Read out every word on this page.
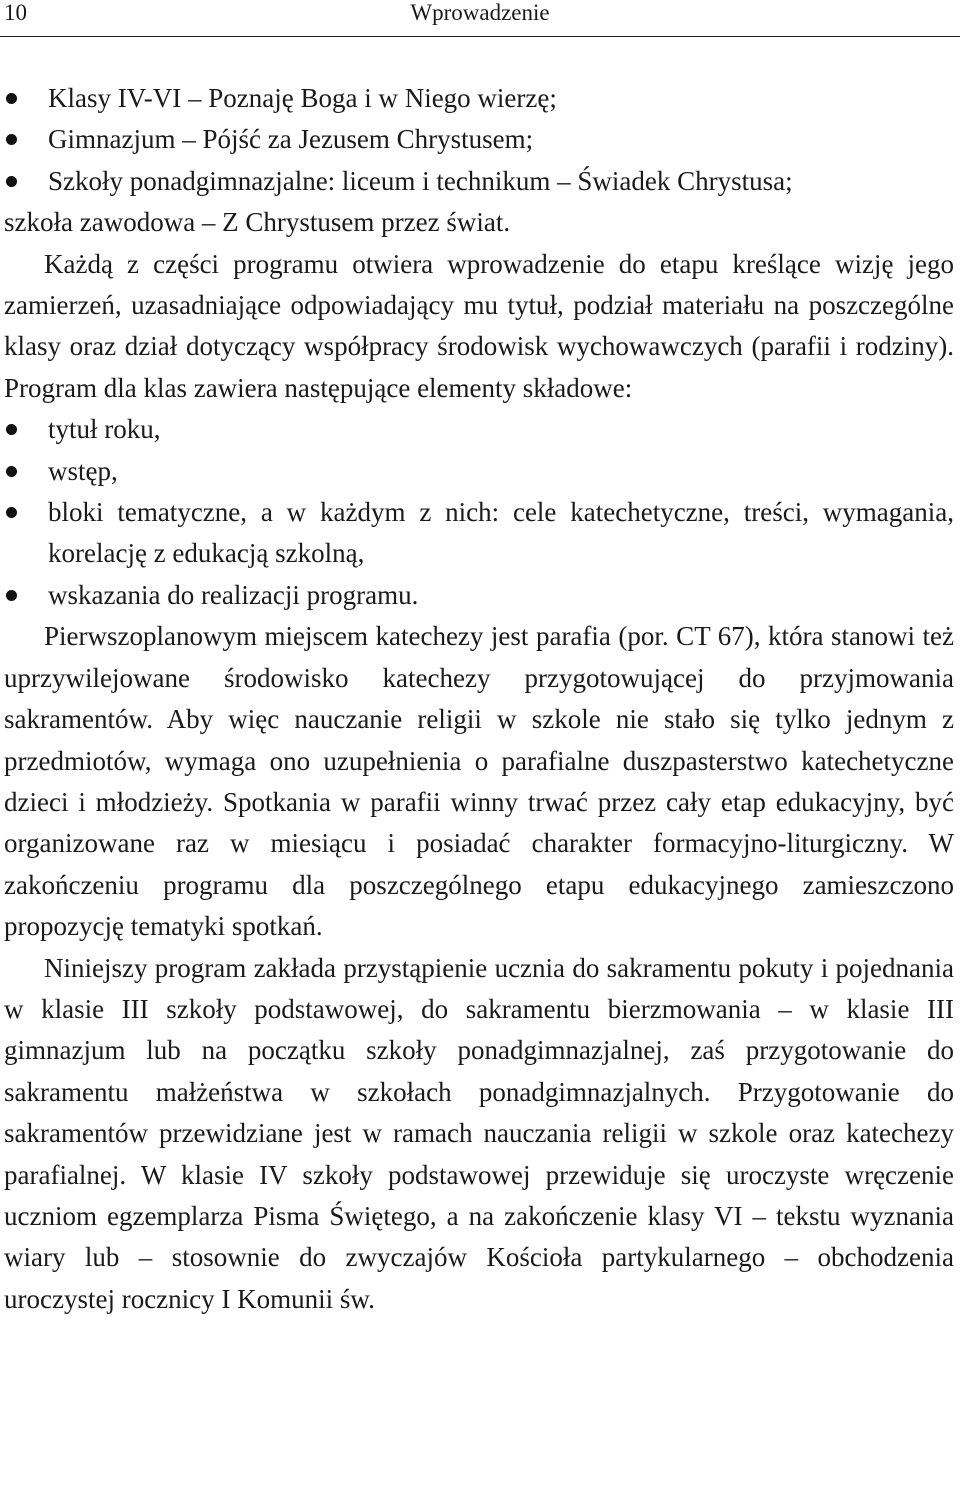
10	Wprowadzenie
Klasy IV-VI – Poznaję Boga i w Niego wierzę;
Gimnazjum – Pójść za Jezusem Chrystusem;
Szkoły ponadgimnazjalne: liceum i technikum – Świadek Chrystusa;
szkoła zawodowa – Z Chrystusem przez świat.

Każdą z części programu otwiera wprowadzenie do etapu kreślące wizję jego zamierzeń, uzasadniające odpowiadający mu tytuł, podział materiału na poszczególne klasy oraz dział dotyczący współpracy środowisk wychowawczych (parafii i rodziny). Program dla klas zawiera następujące elementy składowe:

tytuł roku,
wstęp,
bloki tematyczne, a w każdym z nich: cele katechetyczne, treści, wymagania, korelację z edukacją szkolną,
wskazania do realizacji programu.

Pierwszoplanowym miejscem katechezy jest parafia (por. CT 67), która stanowi też uprzywilejowane środowisko katechezy przygotowującej do przyjmowania sakramentów. Aby więc nauczanie religii w szkole nie stało się tylko jednym z przedmiotów, wymaga ono uzupełnienia o parafialne duszpasterstwo katechetyczne dzieci i młodzieży. Spotkania w parafii winny trwać przez cały etap edukacyjny, być organizowane raz w miesiącu i posiadać charakter formacyjno-liturgiczny. W zakończeniu programu dla poszczególnego etapu edukacyjnego zamieszczono propozycję tematyki spotkań.

Niniejszy program zakłada przystąpienie ucznia do sakramentu pokuty i pojednania w klasie III szkoły podstawowej, do sakramentu bierzmowania – w klasie III gimnazjum lub na początku szkoły ponadgimnazjalnej, zaś przygotowanie do sakramentu małżeństwa w szkołach ponadgimnazjalnych. Przygotowanie do sakramentów przewidziane jest w ramach nauczania religii w szkole oraz katechezy parafialnej. W klasie IV szkoły podstawowej przewiduje się uroczyste wręczenie uczniom egzemplarza Pisma Świętego, a na zakończenie klasy VI – tekstu wyznania wiary lub – stosownie do zwyczajów Kościoła partykularnego – obchodzenia uroczystej rocznicy I Komunii św.
